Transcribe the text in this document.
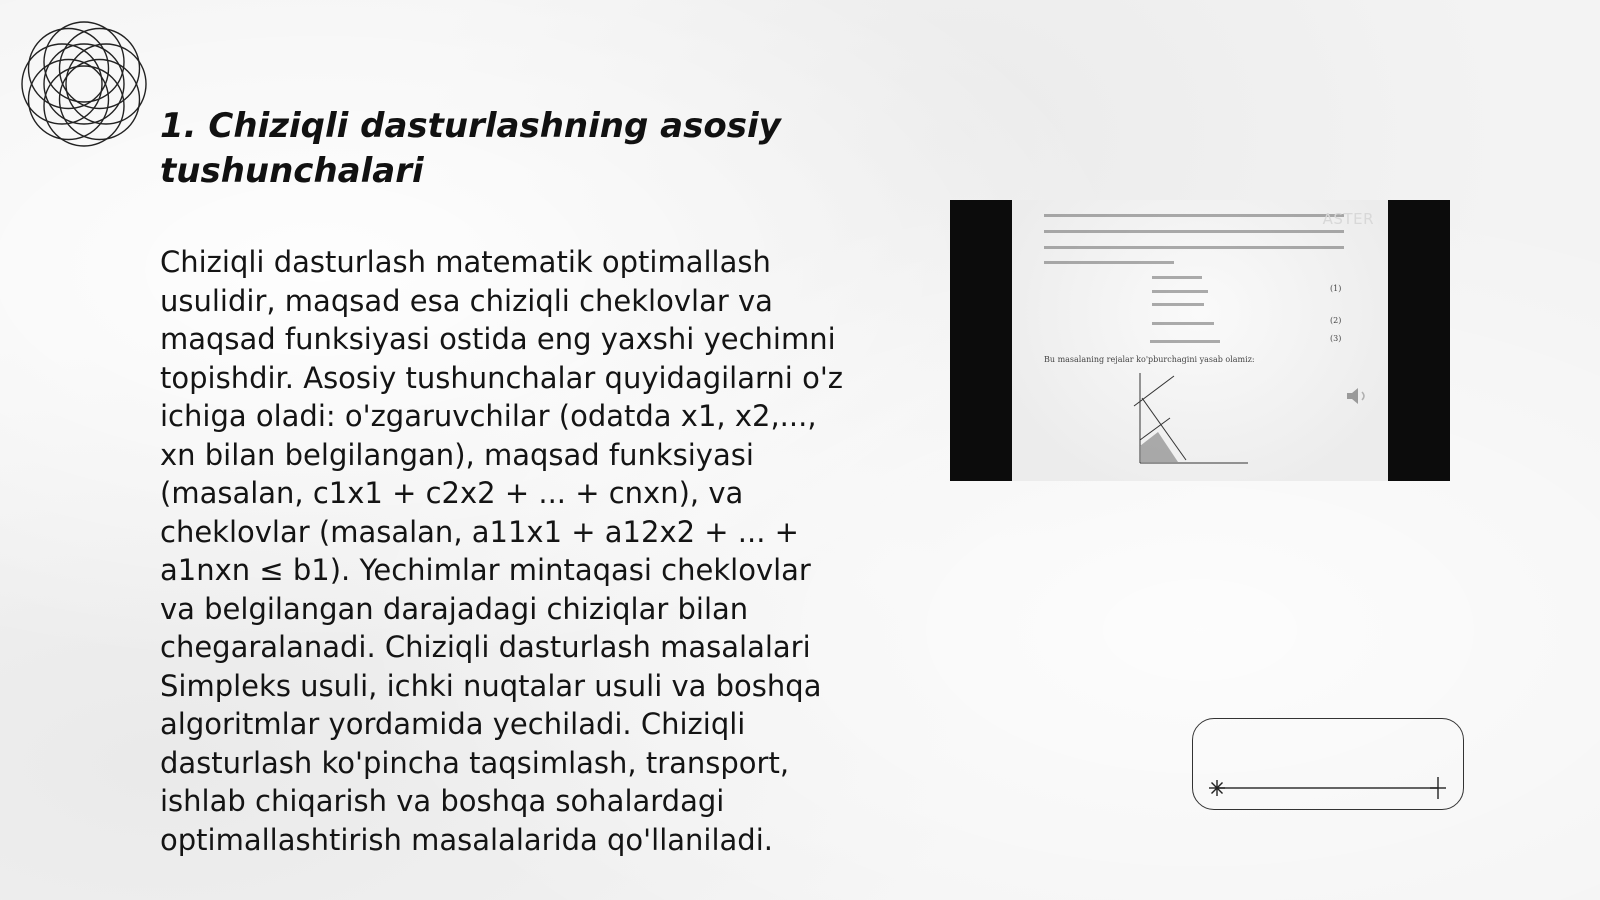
1. Chiziqli dasturlashning asosiy tushunchalari

Chiziqli dasturlash matematik optimallash usulidir, maqsad esa chiziqli cheklovlar va maqsad funksiyasi ostida eng yaxshi yechimni topishdir. Asosiy tushunchalar quyidagilarni o'z ichiga oladi: o'zgaruvchilar (odatda x1, x2,..., xn bilan belgilangan), maqsad funksiyasi (masalan, c1x1 + c2x2 + ... + cnxn), va cheklovlar (masalan, a11x1 + a12x2 + ... + a1nxn ≤ b1). Yechimlar mintaqasi cheklovlar va belgilangan darajadagi chiziqlar bilan chegaralanadi. Chiziqli dasturlash masalalari Simpleks usuli, ichki nuqtalar usuli va boshqa algoritmlar yordamida yechiladi. Chiziqli dasturlash ko'pincha taqsimlash, transport, ishlab chiqarish va boshqa sohalardagi optimallashtirish masalalarida qo'llaniladi.

(1)
(2)
(3)
Bu masalaning rejalar ko'pburchagini yasab olamiz:
ASTER
